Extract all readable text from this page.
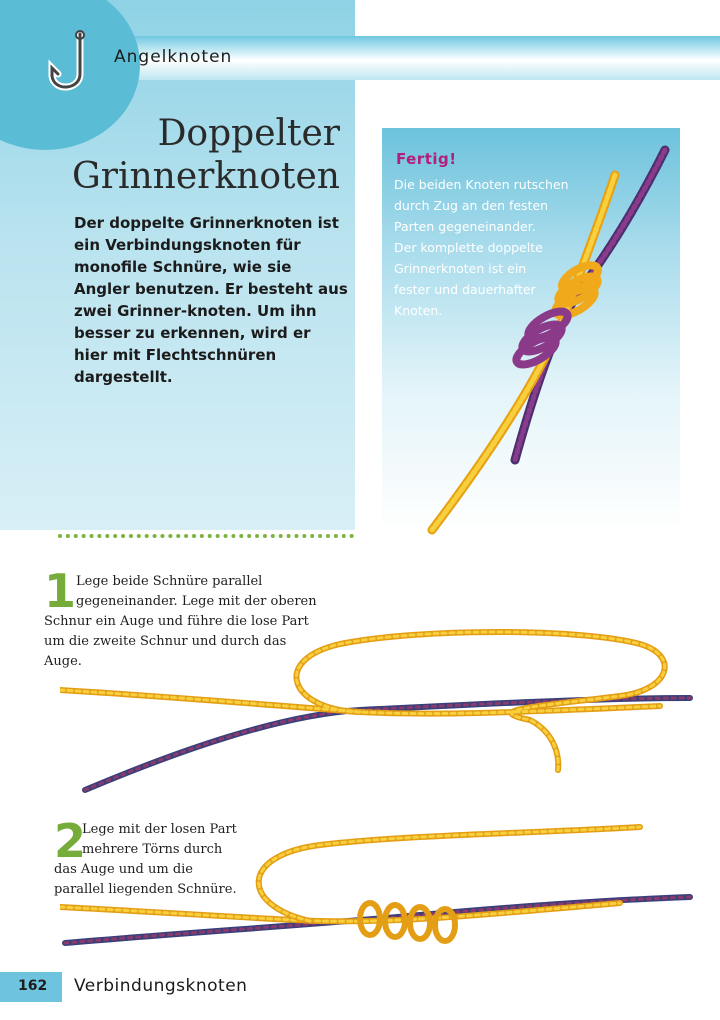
Angelknoten
Doppelter
Grinnerknoten
Der doppelte Grinnerknoten ist ein Verbindungsknoten für monofile Schnüre, wie sie Angler benutzen. Er besteht aus zwei Grinner-knoten. Um ihn besser zu erkennen, wird er hier mit Flechtschnüren dargestellt.
Fertig!
Die beiden Knoten rutschen
durch Zug an den festen
Parten gegeneinander.
Der komplette doppelte
Grinnerknoten ist ein
fester und dauerhafter
Knoten.
1 Lege beide Schnüre parallel
gegeneinander. Lege mit der oberen
Schnur ein Auge und führe die lose Part
um die zweite Schnur und durch das
Auge.
2
Lege mit der losen Part
mehrere Törns durch
das Auge und um die
parallel liegenden Schnüre.
162 Verbindungsknoten
